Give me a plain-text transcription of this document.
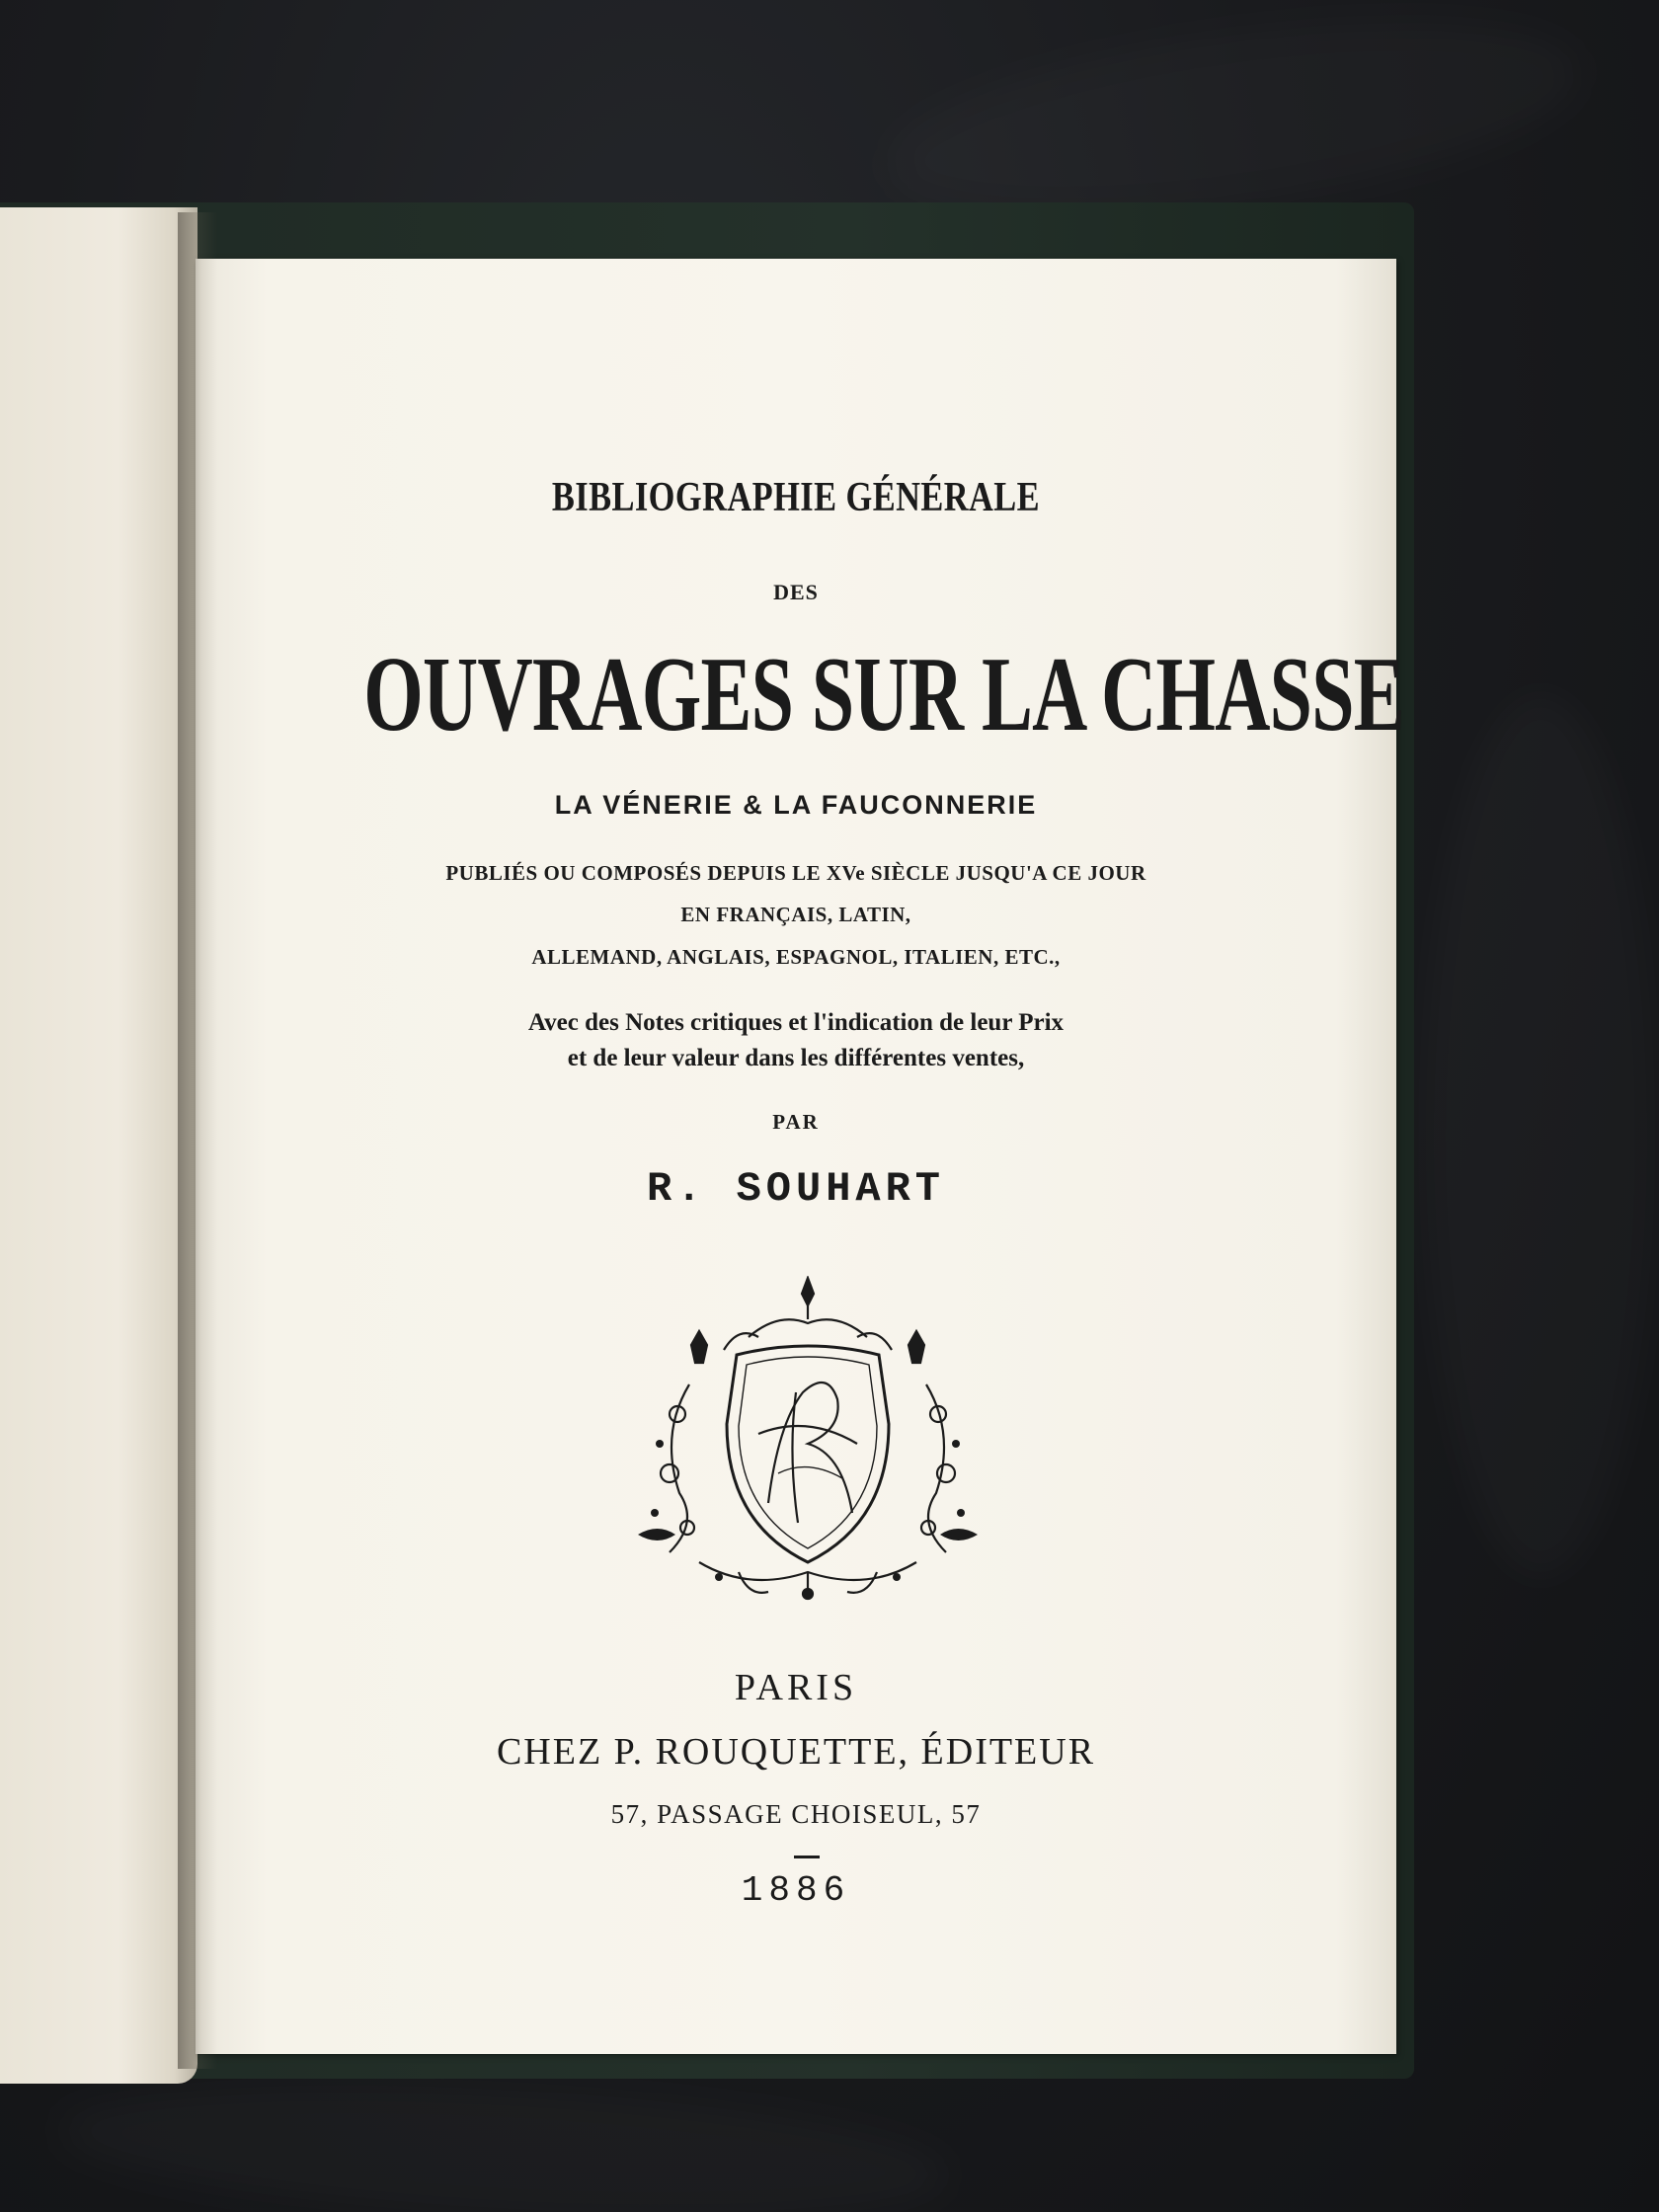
BIBLIOGRAPHIE GÉNÉRALE

DES

OUVRAGES SUR LA CHASSE

LA VÉNERIE & LA FAUCONNERIE

PUBLIÉS OU COMPOSÉS DEPUIS LE XVe SIÈCLE JUSQU'A CE JOUR

EN FRANÇAIS, LATIN,

ALLEMAND, ANGLAIS, ESPAGNOL, ITALIEN, ETC.,

Avec des Notes critiques et l'indication de leur Prix

et de leur valeur dans les différentes ventes,

PAR

R. SOUHART

PARIS

CHEZ P. ROUQUETTE, ÉDITEUR

57, PASSAGE CHOISEUL, 57

1886
